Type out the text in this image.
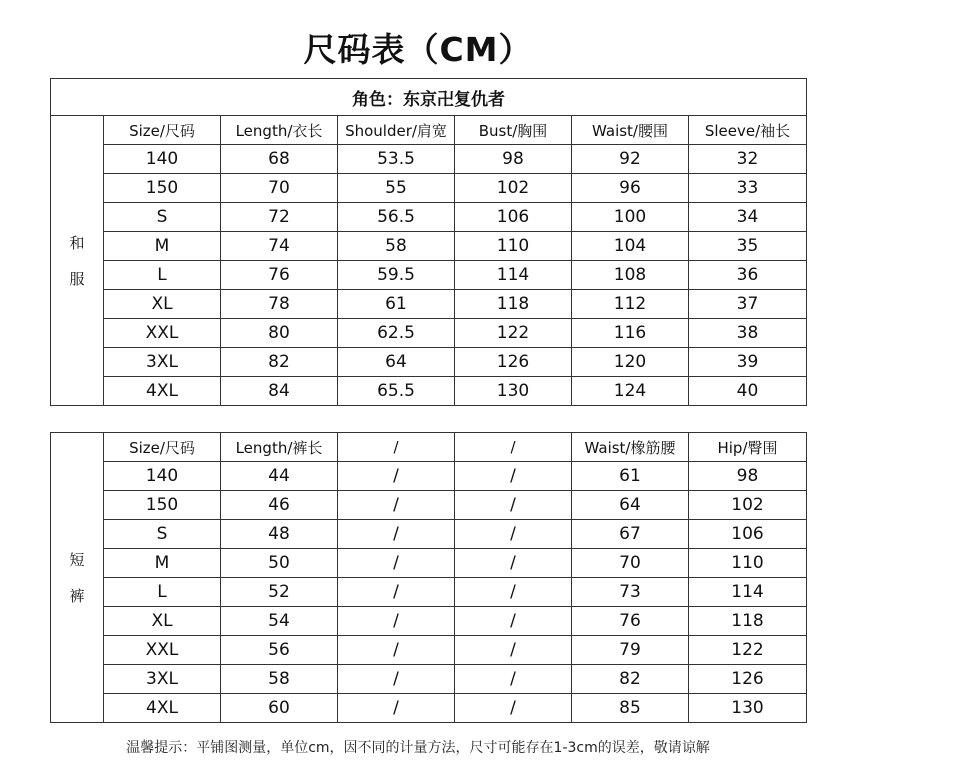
尺码表（CM）
角色：东京卍复仇者						

和
服	Size/尺码	Length/衣长	Shoulder/肩宽	Bust/胸围	Waist/腰围	Sleeve/袖长
	140	68	53.5	98	92	32
	150	70	55	102	96	33
	S	72	56.5	106	100	34
	M	74	58	110	104	35
	L	76	59.5	114	108	36
	XL	78	61	118	112	37
	XXL	80	62.5	122	116	38
	3XL	82	64	126	120	39
	4XL	84	65.5	130	124	40
短
裤	Size/尺码	Length/裤长	/	/	Waist/橡筋腰	Hip/臀围
	140	44	/	/	61	98
	150	46	/	/	64	102
	S	48	/	/	67	106
	M	50	/	/	70	110
	L	52	/	/	73	114
	XL	54	/	/	76	118
	XXL	56	/	/	79	122
	3XL	58	/	/	82	126
	4XL	60	/	/	85	130
温馨提示：平铺图测量，单位cm，因不同的计量方法，尺寸可能存在1-3cm的误差，敬请谅解
